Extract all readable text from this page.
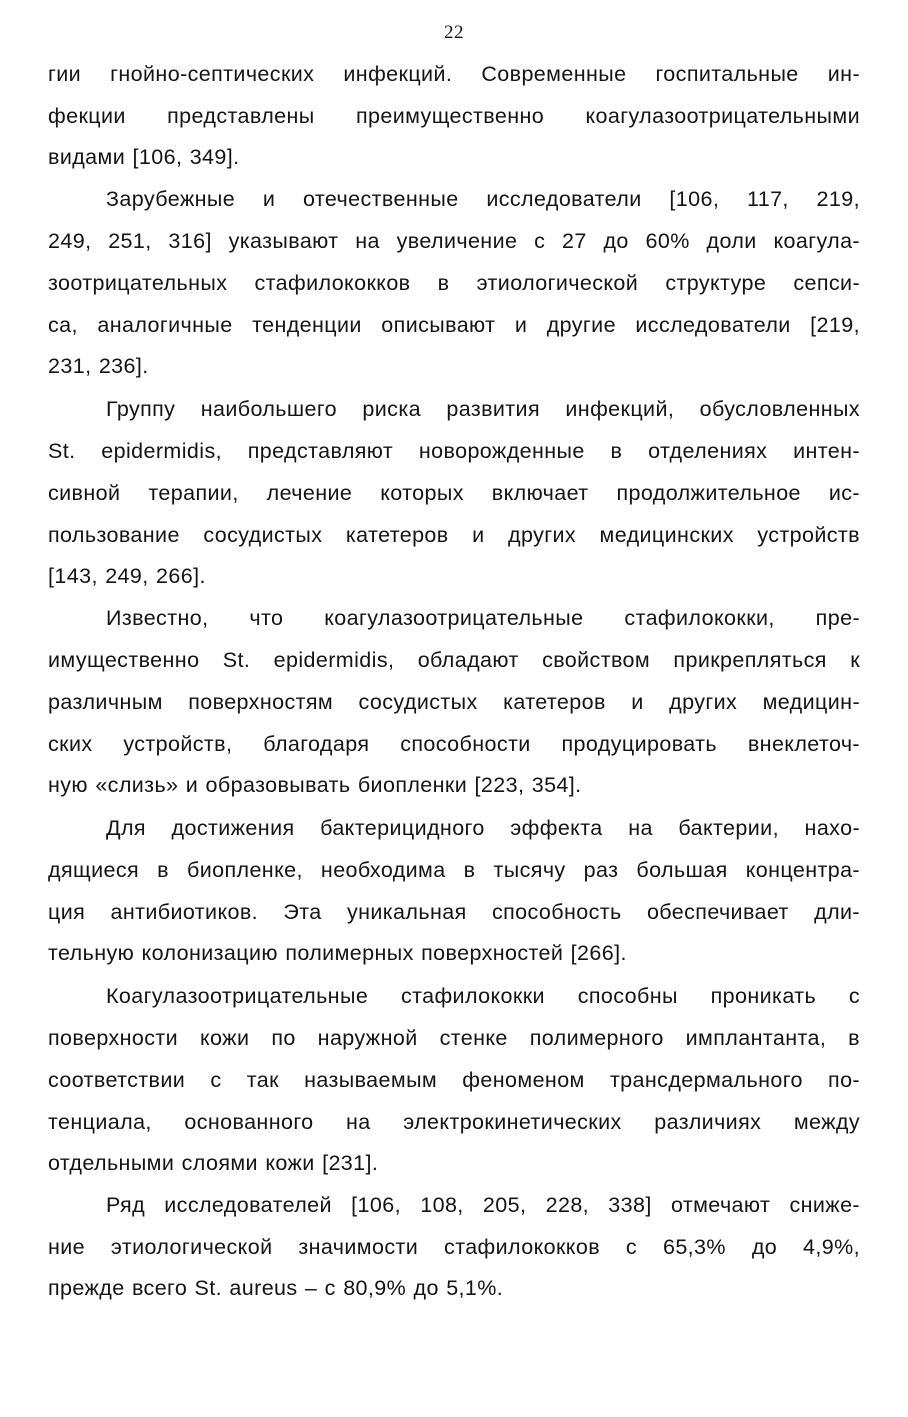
22
гии гнойно-септических инфекций. Современные госпитальные ин-
фекции представлены преимущественно коагулазоотрицательными
видами [106, 349].
Зарубежные и отечественные исследователи [106, 117, 219,
249, 251, 316] указывают на увеличение с 27 до 60% доли коагула-
зоотрицательных стафилококков в этиологической структуре сепси-
са, аналогичные тенденции описывают и другие исследователи [219,
231, 236].
Группу наибольшего риска развития инфекций, обусловленных
St. epidermidis, представляют новорожденные в отделениях интен-
сивной терапии, лечение которых включает продолжительное ис-
пользование сосудистых катетеров и других медицинских устройств
[143, 249, 266].
Известно, что коагулазоотрицательные стафилококки, пре-
имущественно St. epidermidis, обладают свойством прикрепляться к
различным поверхностям сосудистых катетеров и других медицин-
ских устройств, благодаря способности продуцировать внеклеточ-
ную «слизь» и образовывать биопленки [223, 354].
Для достижения бактерицидного эффекта на бактерии, нахо-
дящиеся в биопленке, необходима в тысячу раз большая концентра-
ция антибиотиков. Эта уникальная способность обеспечивает дли-
тельную колонизацию полимерных поверхностей [266].
Коагулазоотрицательные стафилококки способны проникать с
поверхности кожи по наружной стенке полимерного имплантанта, в
соответствии с так называемым феноменом трансдермального по-
тенциала, основанного на электрокинетических различиях между
отдельными слоями кожи [231].
Ряд исследователей [106, 108, 205, 228, 338] отмечают сниже-
ние этиологической значимости стафилококков с 65,3% до 4,9%,
прежде всего St. aureus – с 80,9% до 5,1%.
